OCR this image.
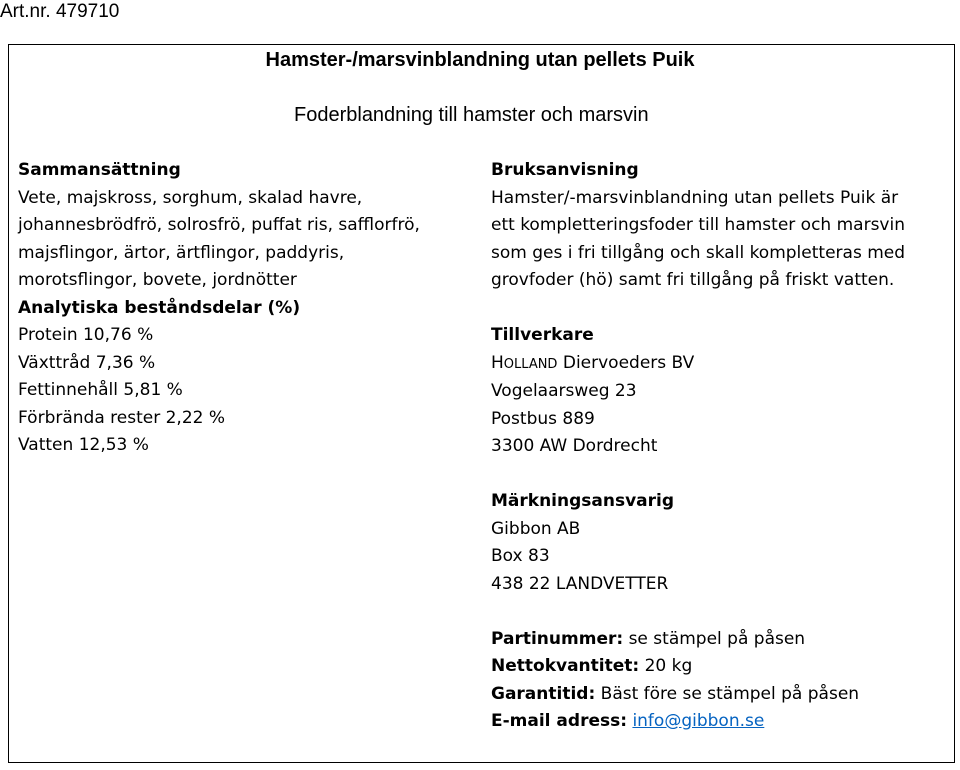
Art.nr. 479710
Hamster-/marsvinblandning utan pellets Puik
Foderblandning till hamster och marsvin
Sammansättning
Vete, majskross, sorghum, skalad havre,
johannesbrödfrö, solrosfrö, puffat ris, safflorfrö,
majsflingor, ärtor, ärtflingor, paddyris,
morotsflingor, bovete, jordnötter
Analytiska beståndsdelar (%)
Protein 10,76 %
Växttråd 7,36 %
Fettinnehåll 5,81 %
Förbrända rester 2,22 %
Vatten 12,53 %
Bruksanvisning
Hamster/-marsvinblandning utan pellets Puik är
ett kompletteringsfoder till hamster och marsvin
som ges i fri tillgång och skall kompletteras med
grovfoder (hö) samt fri tillgång på friskt vatten.
Tillverkare
HOLLAND Diervoeders BV
Vogelaarsweg 23
Postbus 889
3300 AW Dordrecht
Märkningsansvarig
Gibbon AB
Box 83
438 22 LANDVETTER
Partinummer: se stämpel på påsen
Nettokvantitet: 20 kg
Garantitid: Bäst före se stämpel på påsen
E-mail adress: info@gibbon.se
